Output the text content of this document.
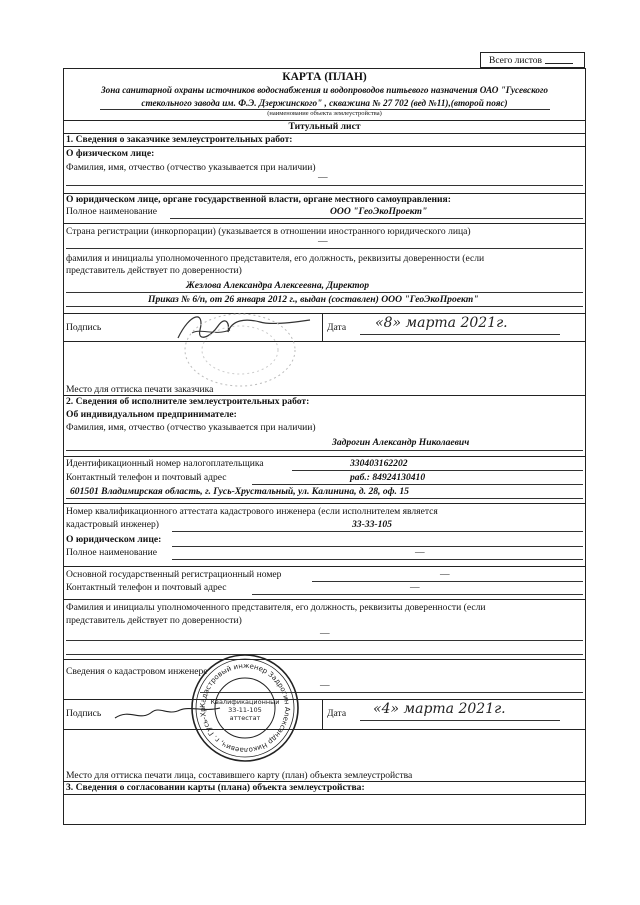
Всего листов
КАРТА (ПЛАН)
Зона санитарной охраны источников водоснабжения и водопроводов питьевого назначения ОАО "Гусевского
стекольного завода им. Ф.Э. Дзержинского" , скважина № 27 702 (вед №11),(второй пояс)
(наименование объекта землеустройства)
Титульный лист
1. Сведения о заказчике землеустроительных работ:
О физическом лице:
Фамилия, имя, отчество (отчество указывается при наличии)
—
О юридическом лице, органе государственной власти, органе местного самоуправления:
Полное наименование	ООО "ГеоЭкоПроект"
Страна регистрации (инкорпорации) (указывается в отношении иностранного юридического лица)
—
фамилия и инициалы уполномоченного представителя, его должность, реквизиты доверенности (если
представитель действует по доверенности)
Жезлова Александра Алексеевна, Директор
Приказ № 6/п, от 26 января 2012 г., выдан (составлен) ООО "ГеоЭкоПроект"
Подпись	Дата «8» марта 2021г.
Место для оттиска печати заказчика
2. Сведения об исполнителе землеустроительных работ:
Об индивидуальном предпринимателе:
Фамилия, имя, отчество (отчество указывается при наличии)
Задрогин Александр Николаевич
Идентификационный номер налогоплательщика	330403162202
Контактный телефон и почтовый адрес	раб.: 84924130410
601501 Владимирская область, г. Гусь-Хрустальный, ул. Калинина, д. 28, оф. 15
Номер квалификационного аттестата кадастрового инженера (если исполнителем является
кадастровый инженер)	33-33-105
О юридическом лице:
Полное наименование	—
Основной государственный регистрационный номер	—
Контактный телефон и почтовый адрес	—
Фамилия и инициалы уполномоченного представителя, его должность, реквизиты доверенности (если
представитель действует по доверенности)
—
Сведения о кадастровом инженере
—
Подпись	Дата «4» марта 2021г.
Кадастровый инженер Задрогин Александр Николаевич, г. Гусь-Хрустальный, Владимирская область, квалификационный аттестат 33-11-105, ОГРН 304330406600047
Квалификационный
33-11-105
аттестат
Место для оттиска печати лица, составившего карту (план) объекта землеустройства
3. Сведения о согласовании карты (плана) объекта землеустройства:
